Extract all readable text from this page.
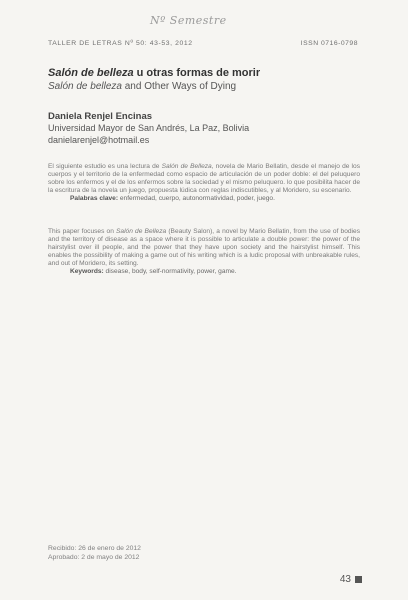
Nº Semestre
TALLER DE LETRAS Nº 50: 43-53, 2012	ISSN 0716-0798
Salón de belleza u otras formas de morir
Salón de belleza and Other Ways of Dying
Daniela Renjel Encinas
Universidad Mayor de San Andrés, La Paz, Bolivia
danielarenjel@hotmail.es

El siguiente estudio es una lectura de Salón de Belleza, novela de Mario Bellatin, desde el manejo de los cuerpos y el territorio de la enfermedad como espacio de articulación de un poder doble: el del peluquero sobre los enfermos y el de los enfermos sobre la sociedad y el mismo peluquero. lo que posibilita hacer de la escritura de la novela un juego, propuesta lúdica con reglas indiscutibles, y al Moridero, su escenario.

Palabras clave: enfermedad, cuerpo, autonormatividad, poder, juego.

This paper focuses on Salón de Belleza (Beauty Salon), a novel by Mario Bellatin, from the use of bodies and the territory of disease as a space where it is possible to articulate a double power: the power of the hairstylist over ill people, and the power that they have upon society and the hairstylist himself. This enables the possibility of making a game out of his writing which is a ludic proposal with unbreakable rules, and out of Moridero, its setting.

Keywords: disease, body, self-normativity, power, game.

Recibido: 26 de enero de 2012
Aprobado: 2 de mayo de 2012
43
